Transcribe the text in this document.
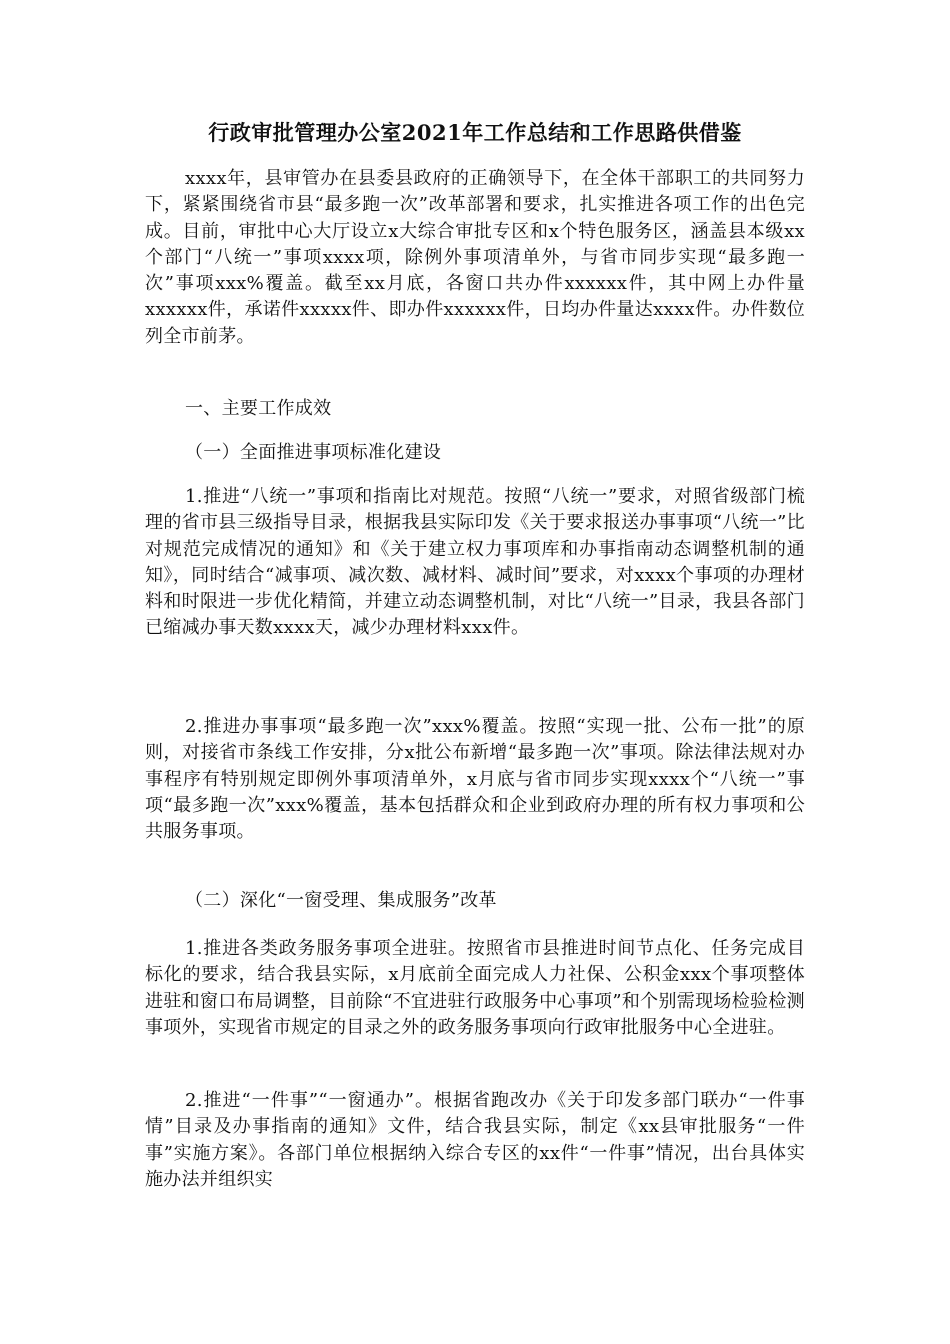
行政审批管理办公室2021年工作总结和工作思路供借鉴

xxxx年，县审管办在县委县政府的正确领导下，在全体干部职工的共同努力下，紧紧围绕省市县“最多跑一次”改革部署和要求，扎实推进各项工作的出色完成。目前，审批中心大厅设立x大综合审批专区和x个特色服务区，涵盖县本级xx个部门“八统一”事项xxxx项，除例外事项清单外，与省市同步实现“最多跑一次”事项xxx%覆盖。截至xx月底，各窗口共办件xxxxxx件，其中网上办件量xxxxxx件，承诺件xxxxx件、即办件xxxxxx件，日均办件量达xxxx件。办件数位列全市前茅。

一、主要工作成效

（一）全面推进事项标准化建设

1.推进“八统一”事项和指南比对规范。按照“八统一”要求，对照省级部门梳理的省市县三级指导目录，根据我县实际印发《关于要求报送办事事项“八统一”比对规范完成情况的通知》和《关于建立权力事项库和办事指南动态调整机制的通知》，同时结合“减事项、减次数、减材料、减时间”要求，对xxxx个事项的办理材料和时限进一步优化精简，并建立动态调整机制，对比“八统一”目录，我县各部门已缩减办事天数xxxx天，减少办理材料xxx件。

2.推进办事事项“最多跑一次”xxx%覆盖。按照“实现一批、公布一批”的原则，对接省市条线工作安排，分x批公布新增“最多跑一次”事项。除法律法规对办事程序有特别规定即例外事项清单外，x月底与省市同步实现xxxx个“八统一”事项“最多跑一次”xxx%覆盖，基本包括群众和企业到政府办理的所有权力事项和公共服务事项。

（二）深化“一窗受理、集成服务”改革

1.推进各类政务服务事项全进驻。按照省市县推进时间节点化、任务完成目标化的要求，结合我县实际，x月底前全面完成人力社保、公积金xxx个事项整体进驻和窗口布局调整，目前除“不宜进驻行政服务中心事项”和个别需现场检验检测事项外，实现省市规定的目录之外的政务服务事项向行政审批服务中心全进驻。

2.推进“一件事”“一窗通办”。根据省跑改办《关于印发多部门联办“一件事情”目录及办事指南的通知》文件，结合我县实际，制定《xx县审批服务“一件事”实施方案》。各部门单位根据纳入综合专区的xx件“一件事”情况，出台具体实施办法并组织实
